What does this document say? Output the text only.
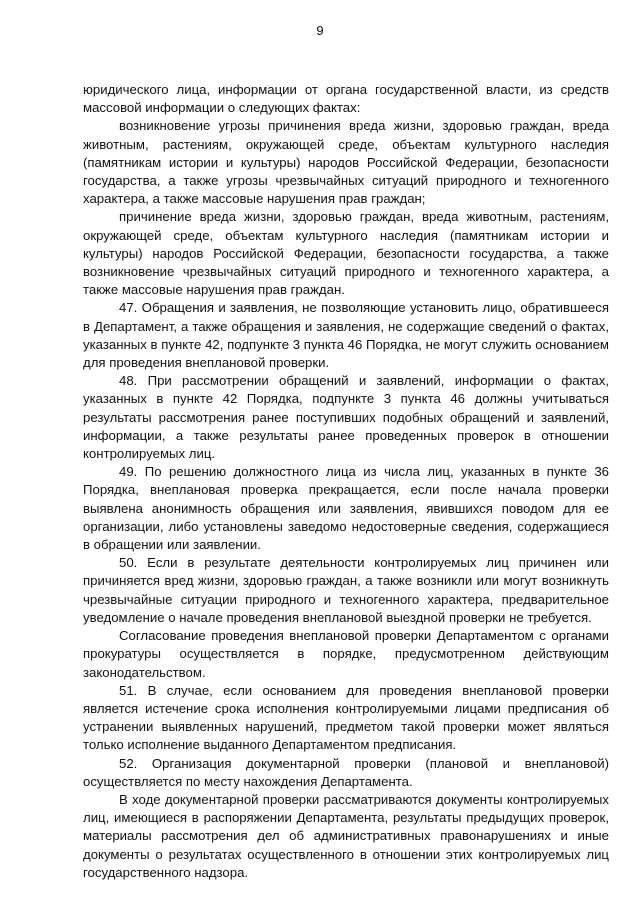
9

юридического лица, информации от органа государственной власти, из средств массовой информации о следующих фактах:

возникновение угрозы причинения вреда жизни, здоровью граждан, вреда животным, растениям, окружающей среде, объектам культурного наследия (памятникам истории и культуры) народов Российской Федерации, безопасности государства, а также угрозы чрезвычайных ситуаций природного и техногенного характера, а также массовые нарушения прав граждан;

причинение вреда жизни, здоровью граждан, вреда животным, растениям, окружающей среде, объектам культурного наследия (памятникам истории и культуры) народов Российской Федерации, безопасности государства, а также возникновение чрезвычайных ситуаций природного и техногенного характера, а также массовые нарушения прав граждан.

47. Обращения и заявления, не позволяющие установить лицо, обратившееся в Департамент, а также обращения и заявления, не содержащие сведений о фактах, указанных в пункте 42, подпункте 3 пункта 46 Порядка, не могут служить основанием для проведения внеплановой проверки.

48. При рассмотрении обращений и заявлений, информации о фактах, указанных в пункте 42 Порядка, подпункте 3 пункта 46 должны учитываться результаты рассмотрения ранее поступивших подобных обращений и заявлений, информации, а также результаты ранее проведенных проверок в отношении контролируемых лиц.

49. По решению должностного лица из числа лиц, указанных в пункте 36 Порядка, внеплановая проверка прекращается, если после начала проверки выявлена анонимность обращения или заявления, явившихся поводом для ее организации, либо установлены заведомо недостоверные сведения, содержащиеся в обращении или заявлении.

50. Если в результате деятельности контролируемых лиц причинен или причиняется вред жизни, здоровью граждан, а также возникли или могут возникнуть чрезвычайные ситуации природного и техногенного характера, предварительное уведомление о начале проведения внеплановой выездной проверки не требуется.

Согласование проведения внеплановой проверки Департаментом с органами прокуратуры осуществляется в порядке, предусмотренном действующим законодательством.

51. В случае, если основанием для проведения внеплановой проверки является истечение срока исполнения контролируемыми лицами предписания об устранении выявленных нарушений, предметом такой проверки может являться только исполнение выданного Департаментом предписания.

52. Организация документарной проверки (плановой и внеплановой) осуществляется по месту нахождения Департамента.

В ходе документарной проверки рассматриваются документы контролируемых лиц, имеющиеся в распоряжении Департамента, результаты предыдущих проверок, материалы рассмотрения дел об административных правонарушениях и иные документы о результатах осуществленного в отношении этих контролируемых лиц государственного надзора.
